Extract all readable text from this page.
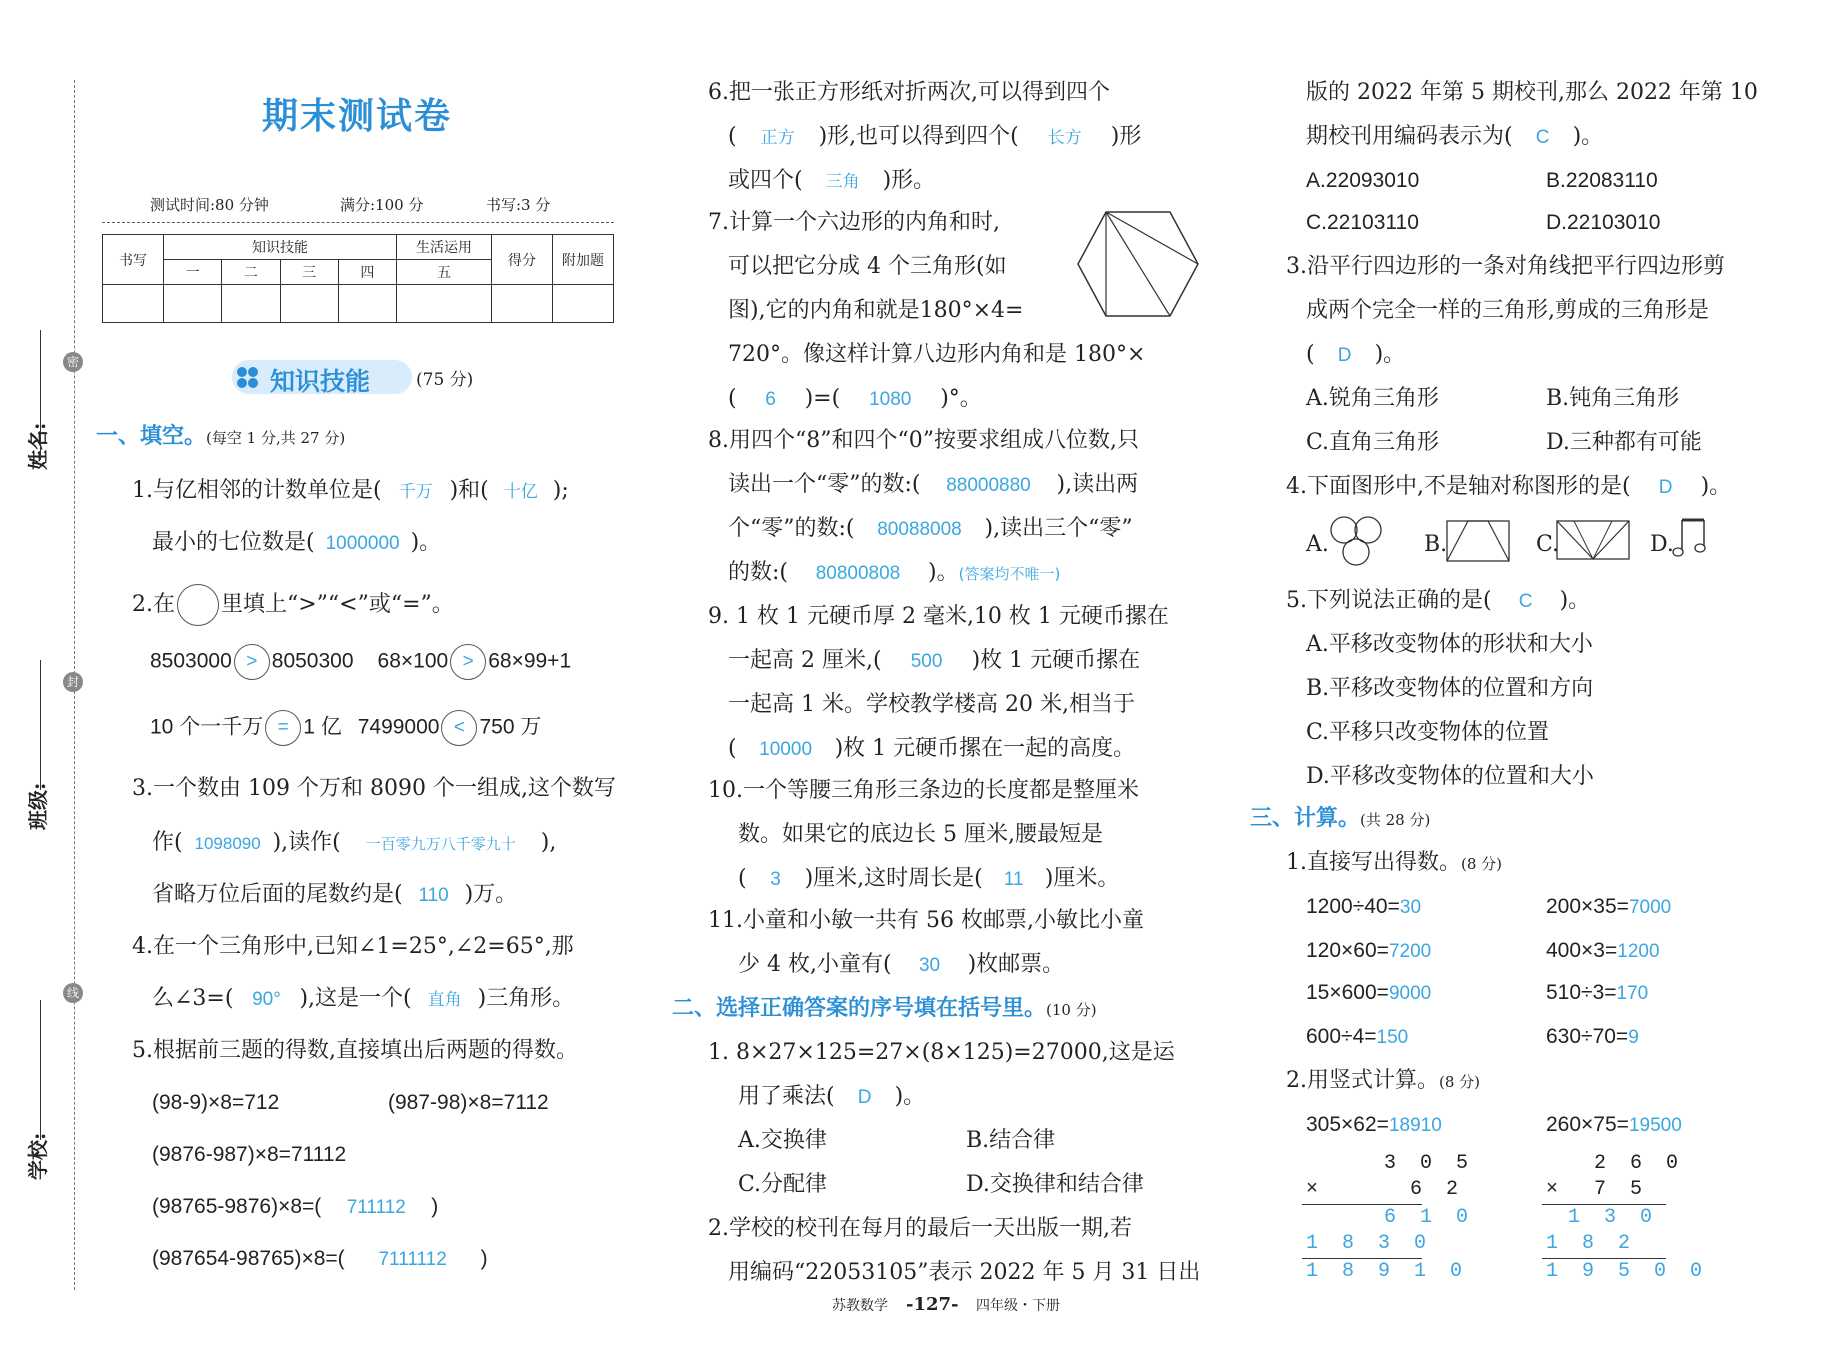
密
封
线
姓名:
班级:
学校:
期末测试卷
测试时间:80 分钟	满分:100 分	书写:3 分
书写	知识技能				生活运用	得分	附加题
	一	二	三	四	五		

知识技能	(75 分)
一、填空。(每空 1 分,共 27 分)
1.与亿相邻的计数单位是( 千万 )和( 十亿 );
最小的七位数是( 1000000 )。
2.在 里填上“>”“<”或“=”。
8503000 > 8050300 68×100 > 68×99+1
10 个一千万 = 1 亿 7499000 < 750 万
3.一个数由 109 个万和 8090 个一组成,这个数写
作( 1098090 ),读作( 一百零九万八千零九十 ),
省略万位后面的尾数约是( 110 )万。
4.在一个三角形中,已知∠1=25°,∠2=65°,那
么∠3=( 90° ),这是一个( 直角 )三角形。
5.根据前三题的得数,直接填出后两题的得数。
(98-9)×8=712	(987-98)×8=7112
(9876-987)×8=71112
(98765-9876)×8=( 711112 )
(987654-98765)×8=( 7111112 )
6.把一张正方形纸对折两次,可以得到四个
( 正方 )形,也可以得到四个( 长方 )形
或四个( 三角 )形。
7.计算一个六边形的内角和时,
可以把它分成 4 个三角形(如
图),它的内角和就是180°×4=
720°。像这样计算八边形内角和是 180°×
( 6 )=( 1080 )°。
8.用四个“8”和四个“0”按要求组成八位数,只
读出一个“零”的数:( 88000880 ),读出两
个“零”的数:( 80088008 ),读出三个“零”
的数:( 80800808 )。(答案均不唯一)
9. 1 枚 1 元硬币厚 2 毫米,10 枚 1 元硬币摞在
一起高 2 厘米,( 500 )枚 1 元硬币摞在
一起高 1 米。学校教学楼高 20 米,相当于
( 10000 )枚 1 元硬币摞在一起的高度。
10.一个等腰三角形三条边的长度都是整厘米
数。如果它的底边长 5 厘米,腰最短是
( 3 )厘米,这时周长是( 11 )厘米。
11.小童和小敏一共有 56 枚邮票,小敏比小童
少 4 枚,小童有( 30 )枚邮票。
二、选择正确答案的序号填在括号里。(10 分)
1. 8×27×125=27×(8×125)=27000,这是运
用了乘法( D )。
A.交换律	B.结合律
C.分配律	D.交换律和结合律
2.学校的校刊在每月的最后一天出版一期,若
用编码“22053105”表示 2022 年 5 月 31 日出
版的 2022 年第 5 期校刊,那么 2022 年第 10
期校刊用编码表示为( C )。
A.22093010	B.22083110
C.22103110	D.22103010
3.沿平行四边形的一条对角线把平行四边形剪
成两个完全一样的三角形,剪成的三角形是
( D )。
A.锐角三角形	B.钝角三角形
C.直角三角形	D.三种都有可能
4.下面图形中,不是轴对称图形的是( D )。
A.	B.	C.	D.
5.下列说法正确的是( C )。
A.平移改变物体的形状和大小
B.平移改变物体的位置和方向
C.平移只改变物体的位置
D.平移改变物体的位置和大小
三、计算。(共 28 分)
1.直接写出得数。(8 分)
1200÷40=30	200×35=7000
120×60=7200	400×3=1200
15×600=9000	510÷3=170
600÷4=150	630÷70=9
2.用竖式计算。(8 分)
305×62=18910	260×75=19500
3 0 5
×	6 2
6 1 0
1 8 3 0
1 8 9 1 0
2 6 0
× 7 5
1 3 0
1 8 2
1 9 5 0 0
苏教数学 -127- 四年级・下册
